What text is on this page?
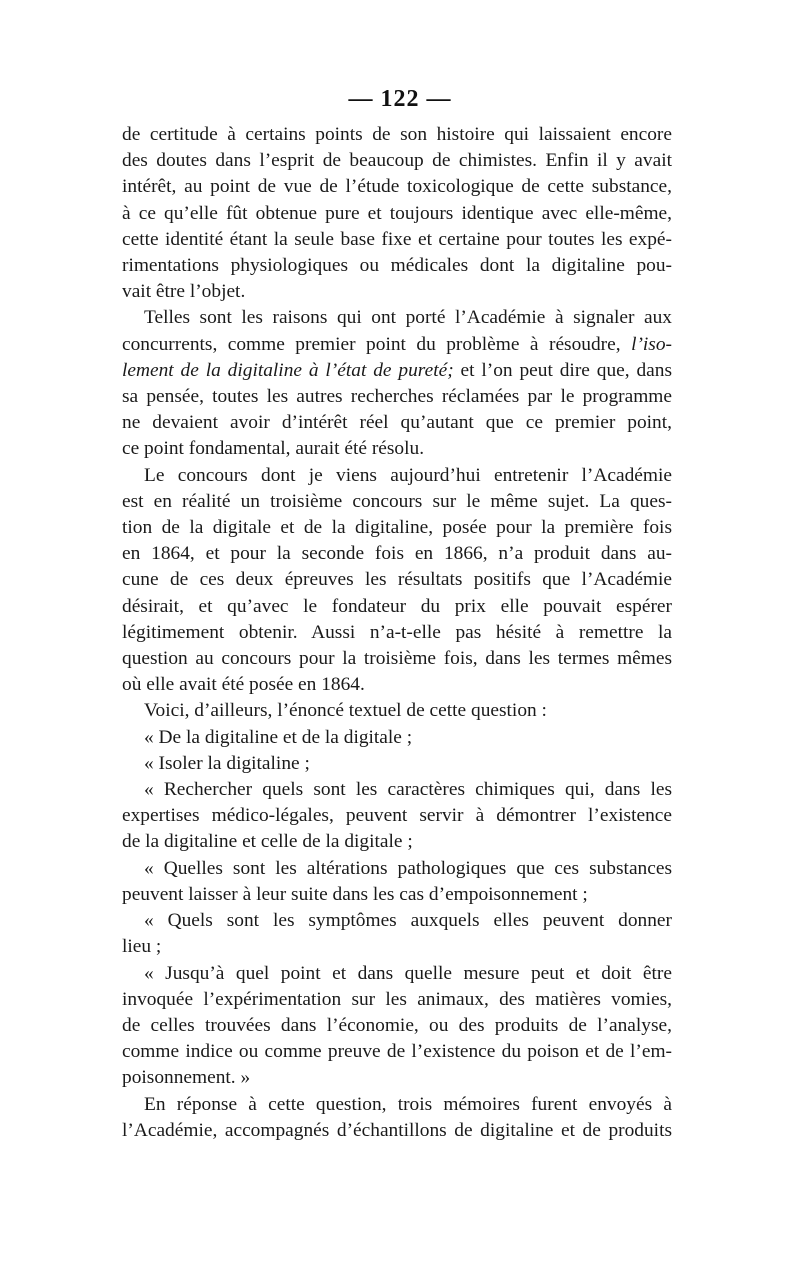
— 122 —
de certitude à certains points de son histoire qui laissaient encore
des doutes dans l’esprit de beaucoup de chimistes. Enfin il y avait
intérêt, au point de vue de l’étude toxicologique de cette substance,
à ce qu’elle fût obtenue pure et toujours identique avec elle-même,
cette identité étant la seule base fixe et certaine pour toutes les expé-
rimentations physiologiques ou médicales dont la digitaline pou-
vait être l’objet.
Telles sont les raisons qui ont porté l’Académie à signaler aux
concurrents, comme premier point du problème à résoudre, l’iso-
lement de la digitaline à l’état de pureté; et l’on peut dire que, dans
sa pensée, toutes les autres recherches réclamées par le programme
ne devaient avoir d’intérêt réel qu’autant que ce premier point,
ce point fondamental, aurait été résolu.
Le concours dont je viens aujourd’hui entretenir l’Académie
est en réalité un troisième concours sur le même sujet. La ques-
tion de la digitale et de la digitaline, posée pour la première fois
en 1864, et pour la seconde fois en 1866, n’a produit dans au-
cune de ces deux épreuves les résultats positifs que l’Académie
désirait, et qu’avec le fondateur du prix elle pouvait espérer
légitimement obtenir. Aussi n’a-t-elle pas hésité à remettre la
question au concours pour la troisième fois, dans les termes mêmes
où elle avait été posée en 1864.
Voici, d’ailleurs, l’énoncé textuel de cette question :
« De la digitaline et de la digitale ;
« Isoler la digitaline ;
« Rechercher quels sont les caractères chimiques qui, dans les
expertises médico-légales, peuvent servir à démontrer l’existence
de la digitaline et celle de la digitale ;
« Quelles sont les altérations pathologiques que ces substances
peuvent laisser à leur suite dans les cas d’empoisonnement ;
« Quels sont les symptômes auxquels elles peuvent donner
lieu ;
« Jusqu’à quel point et dans quelle mesure peut et doit être
invoquée l’expérimentation sur les animaux, des matières vomies,
de celles trouvées dans l’économie, ou des produits de l’analyse,
comme indice ou comme preuve de l’existence du poison et de l’em-
poisonnement. »
En réponse à cette question, trois mémoires furent envoyés à
l’Académie, accompagnés d’échantillons de digitaline et de produits
